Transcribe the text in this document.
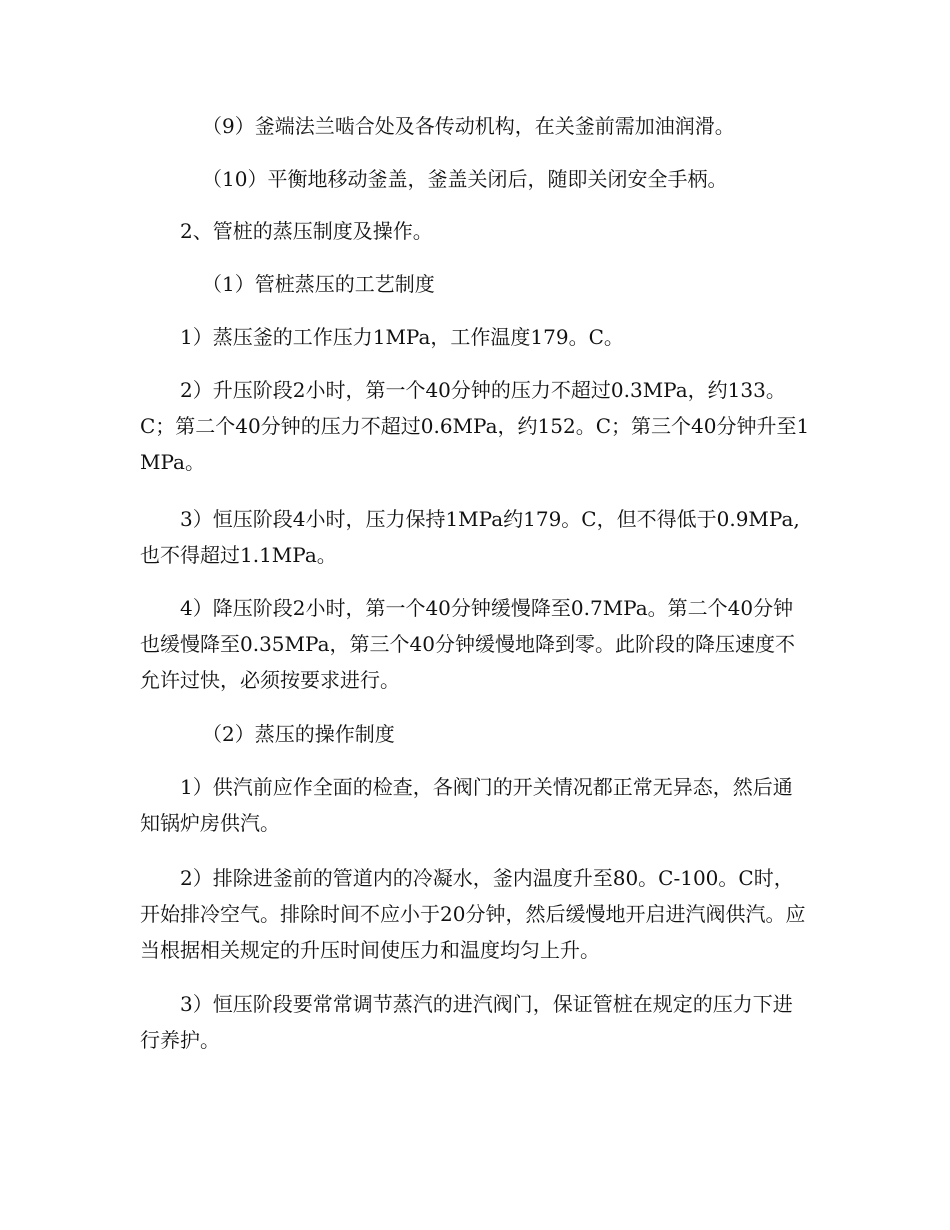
（9）釜端法兰啮合处及各传动机构，在关釜前需加油润滑。

（10）平衡地移动釜盖，釜盖关闭后，随即关闭安全手柄。

2、管桩的蒸压制度及操作。

（1）管桩蒸压的工艺制度

1）蒸压釜的工作压力1MPa，工作温度179。C。

2）升压阶段2小时，第一个40分钟的压力不超过0.3MPa，约133。C；第二个40分钟的压力不超过0.6MPa，约152。C；第三个40分钟升至1MPa。

3）恒压阶段4小时，压力保持1MPa约179。C，但不得低于0.9MPa,也不得超过1.1MPa。

4）降压阶段2小时，第一个40分钟缓慢降至0.7MPa。第二个40分钟也缓慢降至0.35MPa，第三个40分钟缓慢地降到零。此阶段的降压速度不允许过快，必须按要求进行。

（2）蒸压的操作制度

1）供汽前应作全面的检查，各阀门的开关情况都正常无异态，然后通知锅炉房供汽。

2）排除进釜前的管道内的冷凝水，釜内温度升至80。C-100。C时，开始排冷空气。排除时间不应小于20分钟，然后缓慢地开启进汽阀供汽。应当根据相关规定的升压时间使压力和温度均匀上升。

3）恒压阶段要常常调节蒸汽的进汽阀门，保证管桩在规定的压力下进行养护。
